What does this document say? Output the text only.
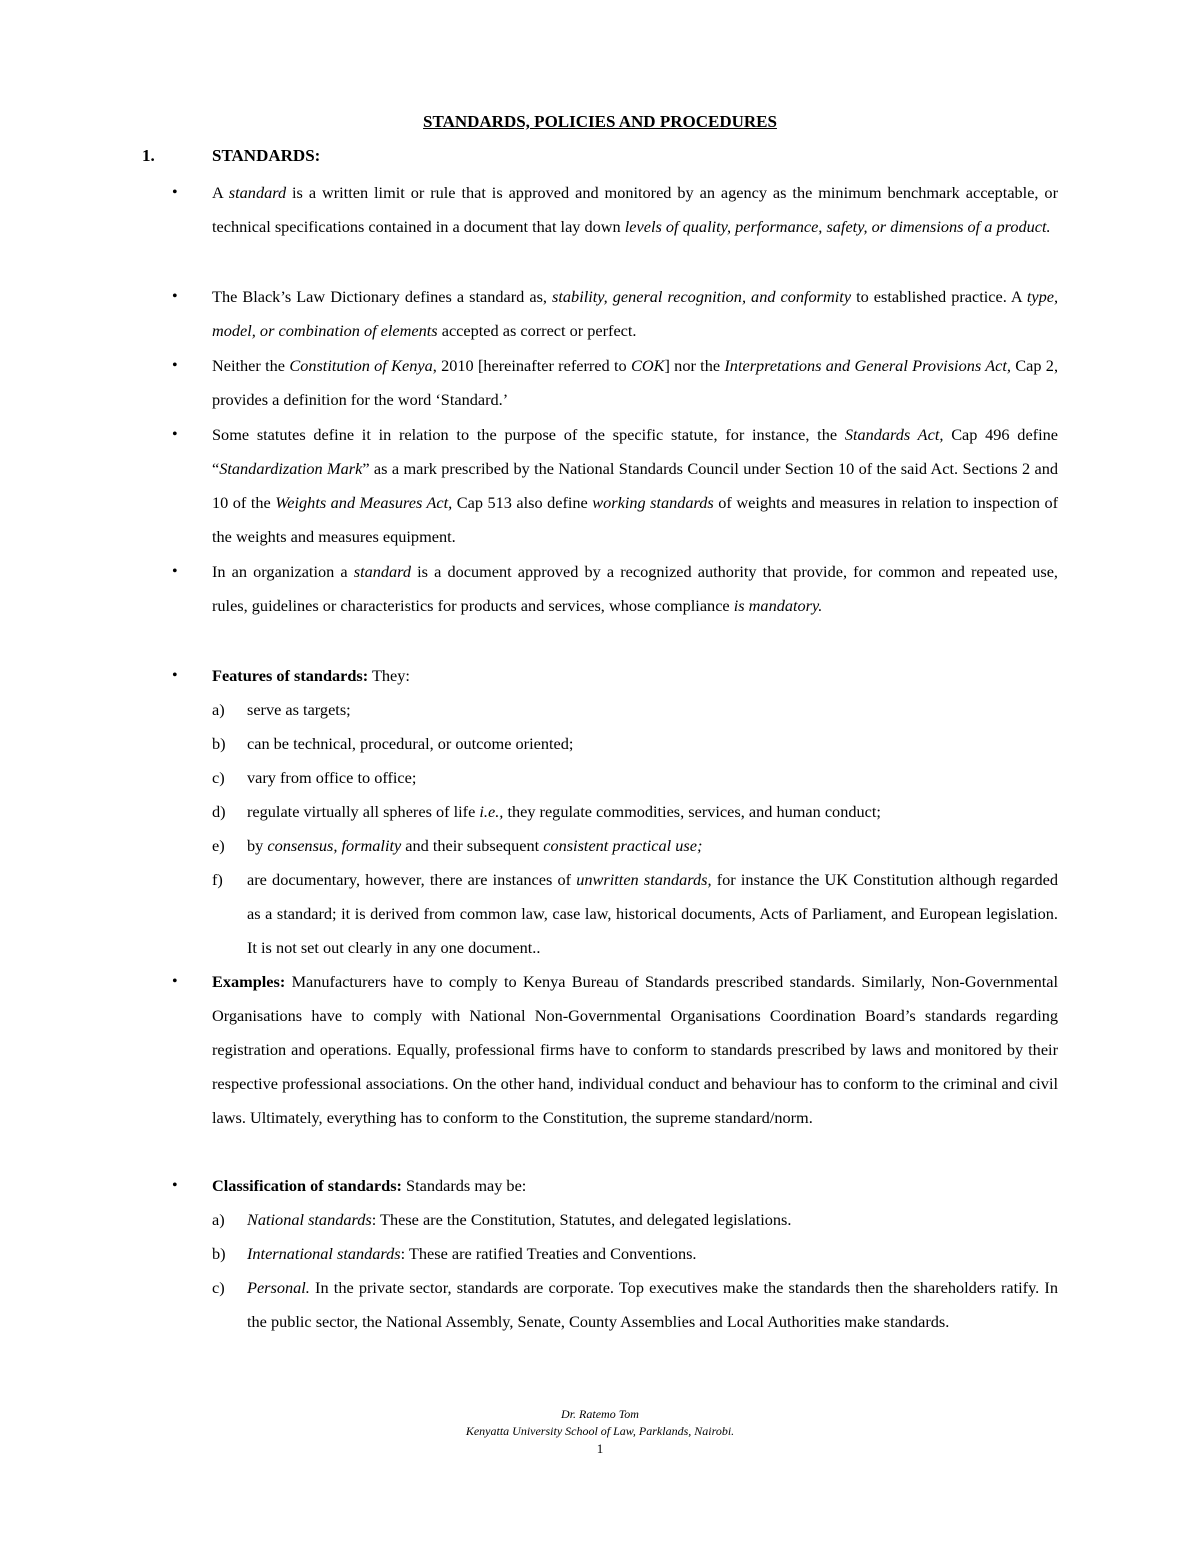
STANDARDS, POLICIES AND PROCEDURES
1.	STANDARDS:
• A standard is a written limit or rule that is approved and monitored by an agency as the minimum benchmark acceptable, or technical specifications contained in a document that lay down levels of quality, performance, safety, or dimensions of a product.
• The Black’s Law Dictionary defines a standard as, stability, general recognition, and conformity to established practice. A type, model, or combination of elements accepted as correct or perfect.
• Neither the Constitution of Kenya, 2010 [hereinafter referred to COK] nor the Interpretations and General Provisions Act, Cap 2, provides a definition for the word ‘Standard.’
• Some statutes define it in relation to the purpose of the specific statute, for instance, the Standards Act, Cap 496 define “Standardization Mark” as a mark prescribed by the National Standards Council under Section 10 of the said Act. Sections 2 and 10 of the Weights and Measures Act, Cap 513 also define working standards of weights and measures in relation to inspection of the weights and measures equipment.
• In an organization a standard is a document approved by a recognized authority that provide, for common and repeated use, rules, guidelines or characteristics for products and services, whose compliance is mandatory.
• Features of standards: They:
a) serve as targets;
b) can be technical, procedural, or outcome oriented;
c) vary from office to office;
d) regulate virtually all spheres of life i.e., they regulate commodities, services, and human conduct;
e) by consensus, formality and their subsequent consistent practical use;
f) are documentary, however, there are instances of unwritten standards, for instance the UK Constitution although regarded as a standard; it is derived from common law, case law, historical documents, Acts of Parliament, and European legislation. It is not set out clearly in any one document..
• Examples: Manufacturers have to comply to Kenya Bureau of Standards prescribed standards. Similarly, Non-Governmental Organisations have to comply with National Non-Governmental Organisations Coordination Board’s standards regarding registration and operations. Equally, professional firms have to conform to standards prescribed by laws and monitored by their respective professional associations. On the other hand, individual conduct and behaviour has to conform to the criminal and civil laws. Ultimately, everything has to conform to the Constitution, the supreme standard/norm.
• Classification of standards: Standards may be:
a) National standards: These are the Constitution, Statutes, and delegated legislations.
b) International standards: These are ratified Treaties and Conventions.
c) Personal. In the private sector, standards are corporate. Top executives make the standards then the shareholders ratify. In the public sector, the National Assembly, Senate, County Assemblies and Local Authorities make standards.
Dr. Ratemo Tom
Kenyatta University School of Law, Parklands, Nairobi.
1
